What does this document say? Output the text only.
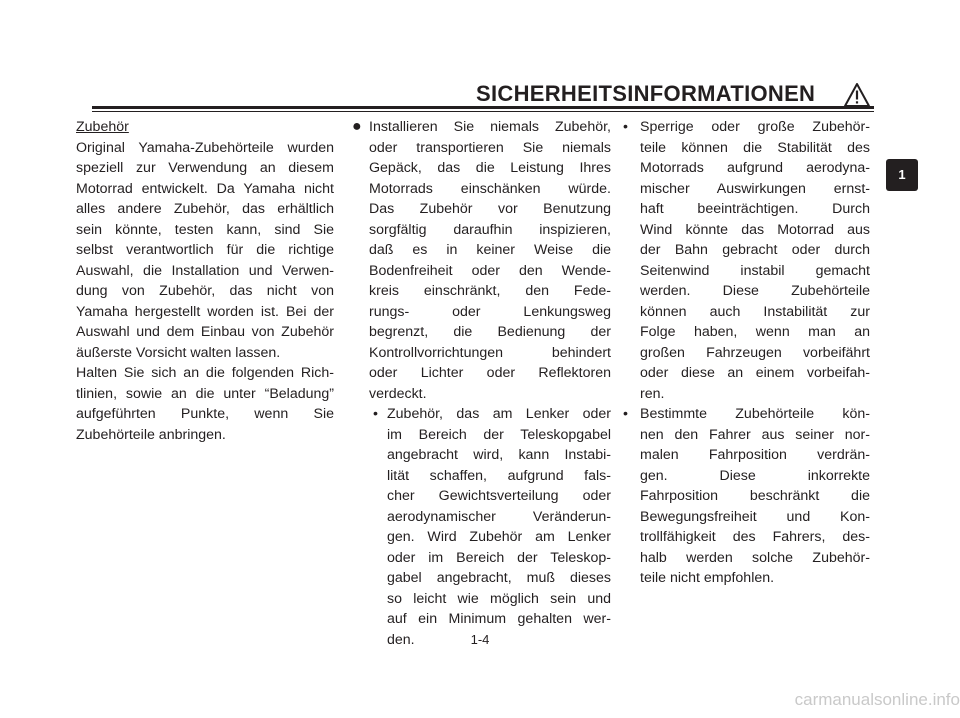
SICHERHEITSINFORMATIONEN
Zubehör

Original Yamaha-Zubehörteile wurden
speziell zur Verwendung an diesem
Motorrad entwickelt. Da Yamaha nicht
alles andere Zubehör, das erhältlich
sein könnte, testen kann, sind Sie
selbst verantwortlich für die richtige
Auswahl, die Installation und Verwen-
dung von Zubehör, das nicht von
Yamaha hergestellt worden ist. Bei der
Auswahl und dem Einbau von Zubehör
äußerste Vorsicht walten lassen.

Halten Sie sich an die folgenden Rich-
tlinien, sowie an die unter “Beladung”
aufgeführten Punkte, wenn Sie
Zubehörteile anbringen.

● Installieren Sie niemals Zubehör,
oder transportieren Sie niemals
Gepäck, das die Leistung Ihres
Motorrads einschänken würde.
Das Zubehör vor Benutzung
sorgfältig daraufhin inspizieren,
daß es in keiner Weise die
Bodenfreiheit oder den Wende-
kreis einschränkt, den Fede-
rungs- oder Lenkungsweg
begrenzt, die Bedienung der
Kontrollvorrichtungen behindert
oder Lichter oder Reflektoren
verdeckt.
• Zubehör, das am Lenker oder
im Bereich der Teleskopgabel
angebracht wird, kann Instabi-
lität schaffen, aufgrund fals-
cher Gewichtsverteilung oder
aerodynamischer Veränderun-
gen. Wird Zubehör am Lenker
oder im Bereich der Teleskop-
gabel angebracht, muß dieses
so leicht wie möglich sein und
auf ein Minimum gehalten wer-
den.
• Sperrige oder große Zubehör-
teile können die Stabilität des
Motorrads aufgrund aerodyna-
mischer Auswirkungen ernst-
haft beeinträchtigen. Durch
Wind könnte das Motorrad aus
der Bahn gebracht oder durch
Seitenwind instabil gemacht
werden. Diese Zubehörteile
können auch Instabilität zur
Folge haben, wenn man an
großen Fahrzeugen vorbeifährt
oder diese an einem vorbeifah-
ren.
• Bestimmte Zubehörteile kön-
nen den Fahrer aus seiner nor-
malen Fahrposition verdrän-
gen. Diese inkorrekte
Fahrposition beschränkt die
Bewegungsfreiheit und Kon-
trollfähigkeit des Fahrers, des-
halb werden solche Zubehör-
teile nicht empfohlen.
1
1-4
carmanualsonline.info
